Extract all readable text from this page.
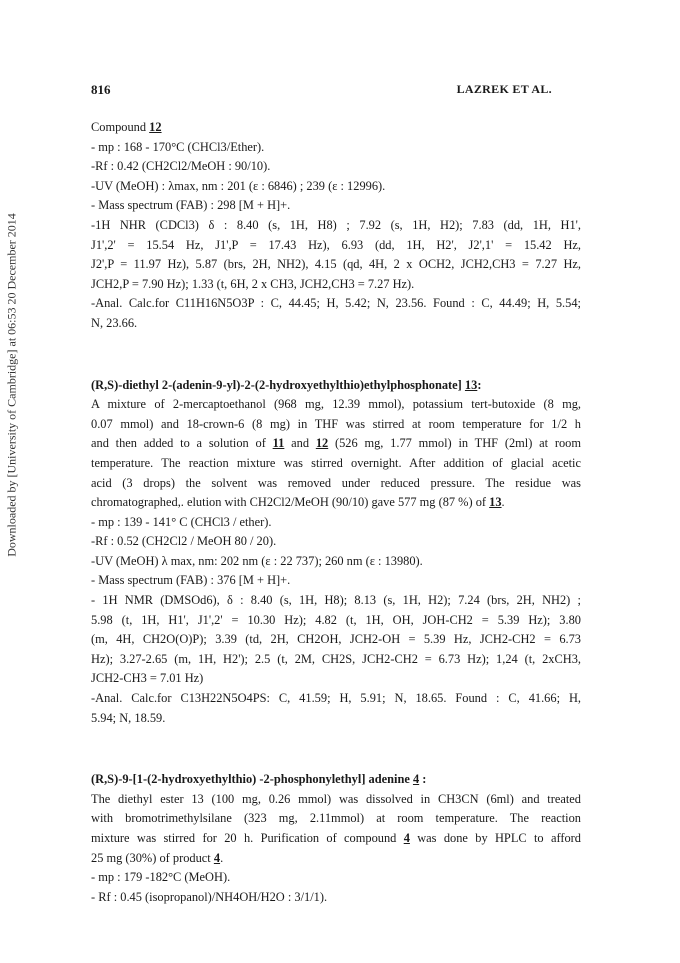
Downloaded by [University of Cambridge] at 06:53 20 December 2014
816	LAZREK ET AL.
Compound 12
- mp : 168 - 170°C (CHCl3/Ether).
-Rf : 0.42 (CH2Cl2/MeOH : 90/10).
-UV (MeOH) : λmax, nm : 201 (ε : 6846) ; 239 (ε : 12996).
- Mass spectrum (FAB) : 298 [M + H]+.
-1H NHR (CDCl3) δ : 8.40 (s, 1H, H8) ; 7.92 (s, 1H, H2); 7.83 (dd, 1H, H1',
J1',2' = 15.54 Hz, J1',P = 17.43 Hz), 6.93 (dd, 1H, H2', J2',1' = 15.42 Hz,
J2',P = 11.97 Hz), 5.87 (brs, 2H, NH2), 4.15 (qd, 4H, 2 x OCH2, JCH2,CH3 = 7.27 Hz,
JCH2,P = 7.90 Hz); 1.33 (t, 6H, 2 x CH3, JCH2,CH3 = 7.27 Hz).
-Anal. Calc.for C11H16N5O3P : C, 44.45; H, 5.42; N, 23.56. Found : C, 44.49; H, 5.54;
N, 23.66.
(R,S)-diethyl 2-(adenin-9-yl)-2-(2-hydroxyethylthio)ethylphosphonate] 13:
A mixture of 2-mercaptoethanol (968 mg, 12.39 mmol), potassium tert-butoxide (8 mg,
0.07 mmol) and 18-crown-6 (8 mg) in THF was stirred at room temperature for 1/2 h
and then added to a solution of 11 and 12 (526 mg, 1.77 mmol) in THF (2ml) at room
temperature. The reaction mixture was stirred overnight. After addition of glacial acetic
acid (3 drops) the solvent was removed under reduced pressure. The residue was
chromatographed,. elution with CH2Cl2/MeOH (90/10) gave 577 mg (87 %) of 13.
- mp : 139 - 141° C (CHCl3 / ether).
-Rf : 0.52 (CH2Cl2 / MeOH 80 / 20).
-UV (MeOH) λ max, nm: 202 nm (ε : 22 737); 260 nm (ε : 13980).
- Mass spectrum (FAB) : 376 [M + H]+.
- 1H NMR (DMSOd6), δ : 8.40 (s, 1H, H8); 8.13 (s, 1H, H2); 7.24 (brs, 2H, NH2) ;
5.98 (t, 1H, H1', J1',2' = 10.30 Hz); 4.82 (t, 1H, OH, JOH-CH2 = 5.39 Hz); 3.80
(m, 4H, CH2O(O)P); 3.39 (td, 2H, CH2OH, JCH2-OH = 5.39 Hz, JCH2-CH2 = 6.73
Hz); 3.27-2.65 (m, 1H, H2'); 2.5 (t, 2M, CH2S, JCH2-CH2 = 6.73 Hz); 1,24 (t, 2xCH3,
JCH2-CH3 = 7.01 Hz)
-Anal. Calc.for C13H22N5O4PS: C, 41.59; H, 5.91; N, 18.65. Found : C, 41.66; H,
5.94; N, 18.59.
(R,S)-9-[1-(2-hydroxyethylthio) -2-phosphonylethyl] adenine 4 :
The diethyl ester 13 (100 mg, 0.26 mmol) was dissolved in CH3CN (6ml) and treated
with bromotrimethylsilane (323 mg, 2.11mmol) at room temperature. The reaction
mixture was stirred for 20 h. Purification of compound 4 was done by HPLC to afford
25 mg (30%) of product 4.
- mp : 179 -182°C (MeOH).
- Rf : 0.45 (isopropanol)/NH4OH/H2O : 3/1/1).
